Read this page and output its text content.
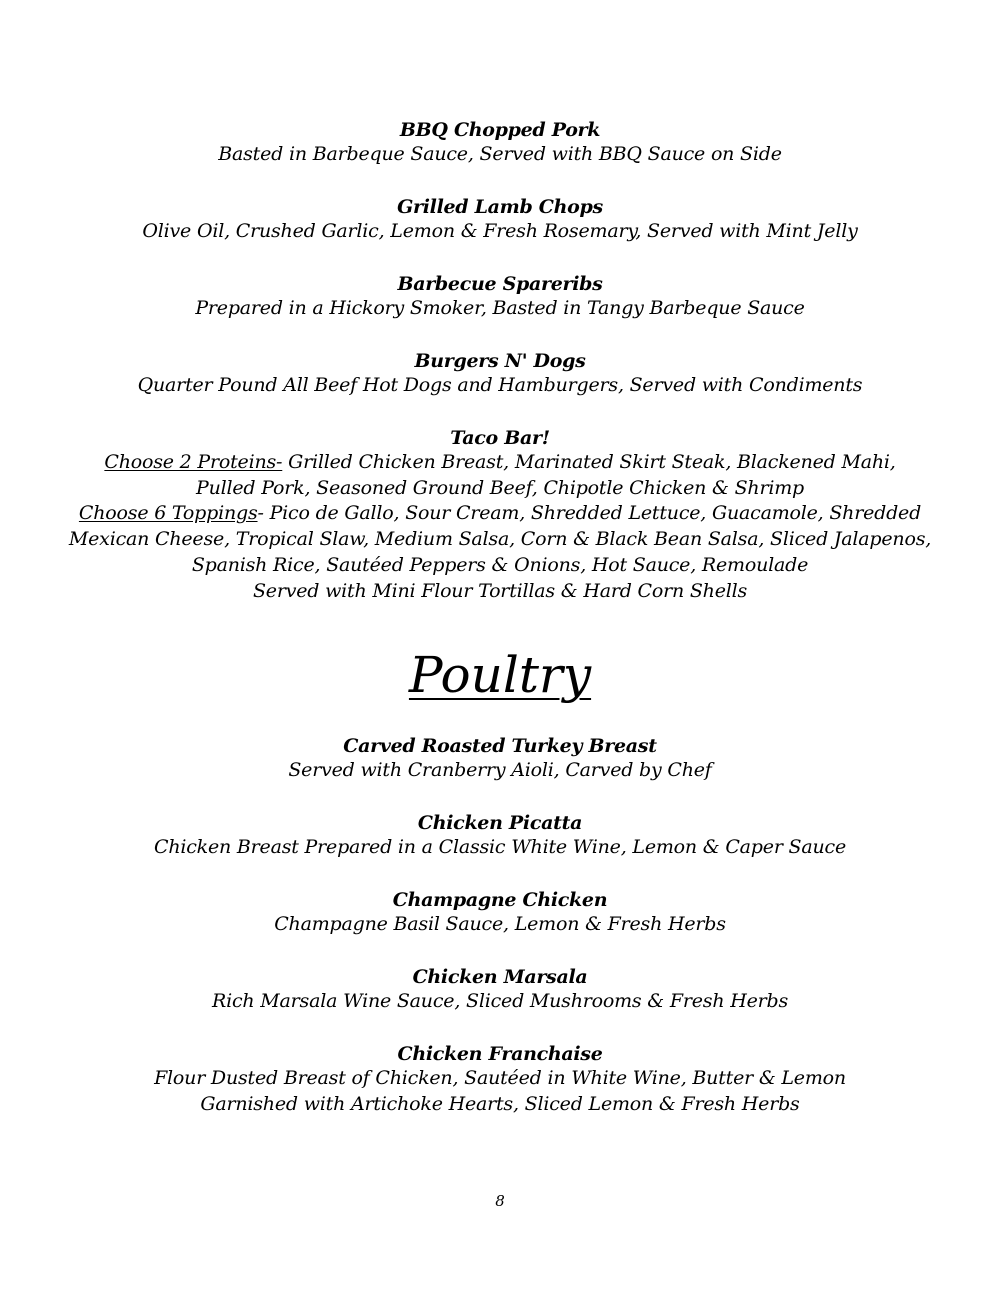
BBQ Chopped Pork
Basted in Barbeque Sauce, Served with BBQ Sauce on Side
Grilled Lamb Chops
Olive Oil, Crushed Garlic, Lemon & Fresh Rosemary, Served with Mint Jelly
Barbecue Spareribs
Prepared in a Hickory Smoker, Basted in Tangy Barbeque Sauce
Burgers N' Dogs
Quarter Pound All Beef Hot Dogs and Hamburgers, Served with Condiments
Taco Bar!
Choose 2 Proteins- Grilled Chicken Breast, Marinated Skirt Steak, Blackened Mahi,
Pulled Pork, Seasoned Ground Beef, Chipotle Chicken & Shrimp
Choose 6 Toppings- Pico de Gallo, Sour Cream, Shredded Lettuce, Guacamole, Shredded
Mexican Cheese, Tropical Slaw, Medium Salsa, Corn & Black Bean Salsa, Sliced Jalapenos,
Spanish Rice, Sautéed Peppers & Onions, Hot Sauce, Remoulade
Served with Mini Flour Tortillas & Hard Corn Shells
Poultry
Carved Roasted Turkey Breast
Served with Cranberry Aioli, Carved by Chef
Chicken Picatta
Chicken Breast Prepared in a Classic White Wine, Lemon & Caper Sauce
Champagne Chicken
Champagne Basil Sauce, Lemon & Fresh Herbs
Chicken Marsala
Rich Marsala Wine Sauce, Sliced Mushrooms & Fresh Herbs
Chicken Franchaise
Flour Dusted Breast of Chicken, Sautéed in White Wine, Butter & Lemon
Garnished with Artichoke Hearts, Sliced Lemon & Fresh Herbs
8
